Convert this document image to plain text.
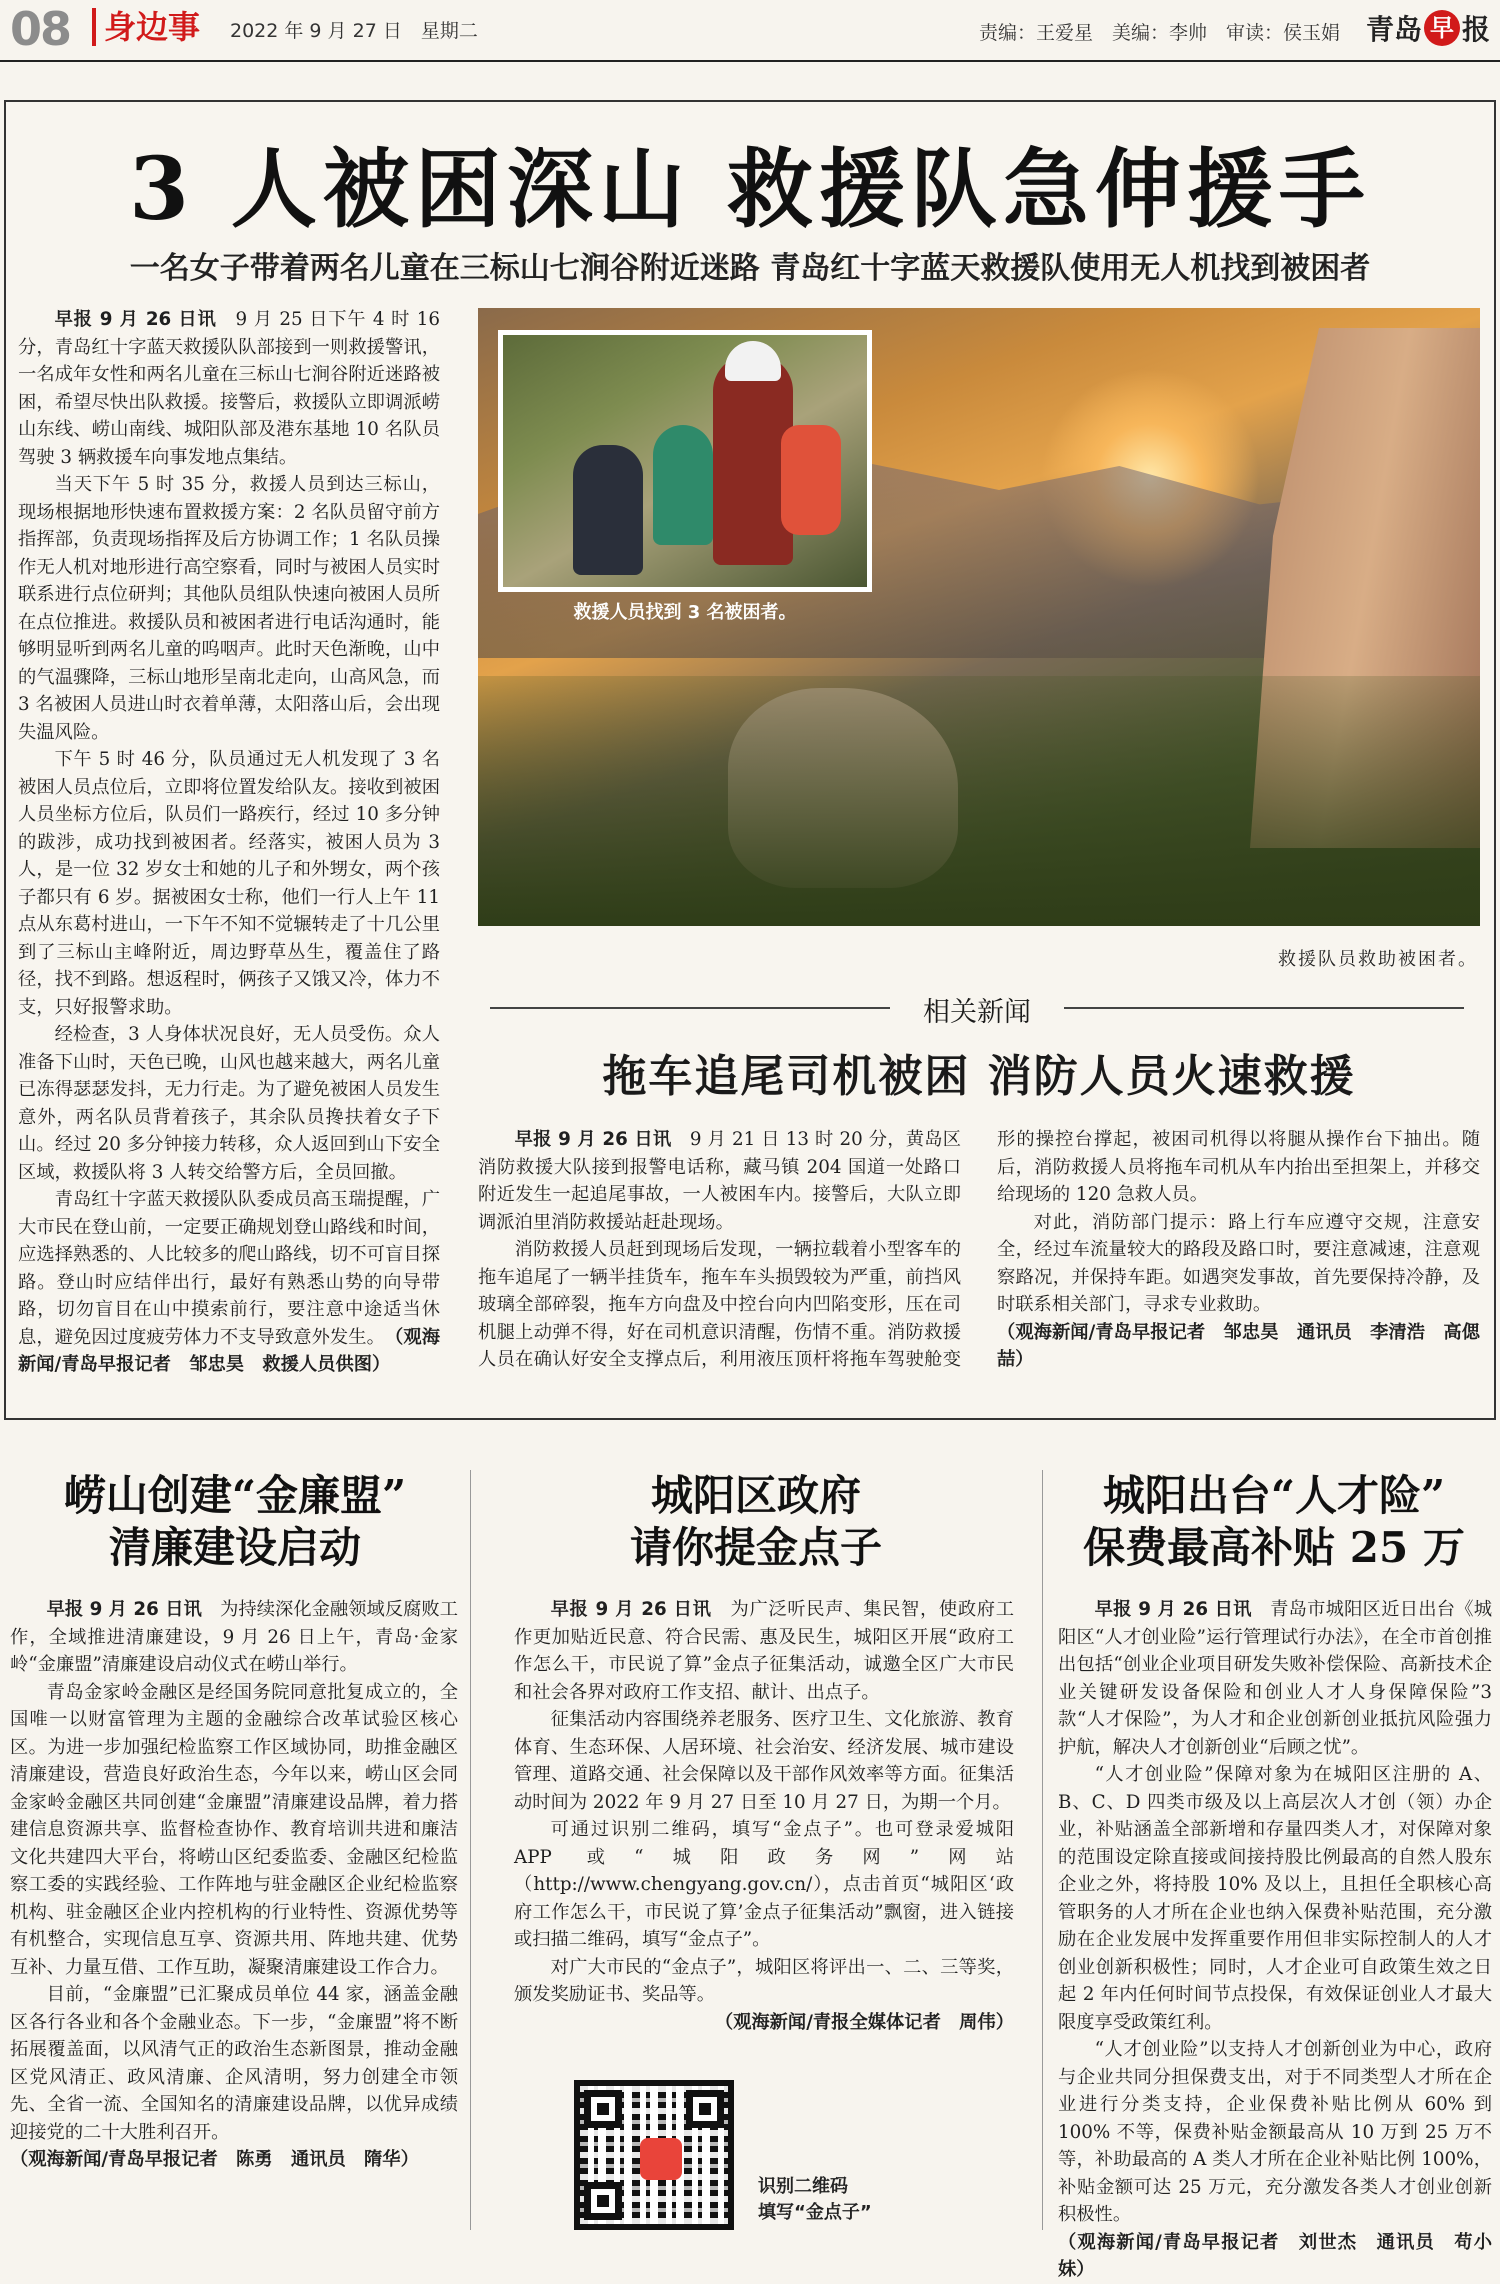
08	身边事 2022 年 9 月 27 日　星期二	责编：王爱星　美编：李帅　审读：侯玉娟 青岛 早 报
3 人被困深山 救援队急伸援手
一名女子带着两名儿童在三标山七涧谷附近迷路 青岛红十字蓝天救援队使用无人机找到被困者

早报 9 月 26 日讯　 9 月 25 日下午 4 时 16 分，青岛红十字蓝天救援队队部接到一则救援警讯，一名成年女性和两名儿童在三标山七涧谷附近迷路被困，希望尽快出队救援。接警后，救援队立即调派崂山东线、崂山南线、城阳队部及港东基地 10 名队员驾驶 3 辆救援车向事发地点集结。

当天下午 5 时 35 分，救援人员到达三标山，现场根据地形快速布置救援方案：2 名队员留守前方指挥部，负责现场指挥及后方协调工作；1 名队员操作无人机对地形进行高空察看，同时与被困人员实时联系进行点位研判；其他队员组队快速向被困人员所在点位推进。救援队员和被困者进行电话沟通时，能够明显听到两名儿童的呜咽声。此时天色渐晚，山中的气温骤降，三标山地形呈南北走向，山高风急，而 3 名被困人员进山时衣着单薄，太阳落山后，会出现失温风险。

下午 5 时 46 分，队员通过无人机发现了 3 名被困人员点位后，立即将位置发给队友。接收到被困人员坐标方位后，队员们一路疾行，经过 10 多分钟的跋涉，成功找到被困者。经落实，被困人员为 3 人，是一位 32 岁女士和她的儿子和外甥女，两个孩子都只有 6 岁。据被困女士称，他们一行人上午 11 点从东葛村进山，一下午不知不觉辗转走了十几公里到了三标山主峰附近，周边野草丛生，覆盖住了路径，找不到路。想返程时，俩孩子又饿又冷，体力不支，只好报警求助。

经检查，3 人身体状况良好，无人员受伤。众人准备下山时，天色已晚，山风也越来越大，两名儿童已冻得瑟瑟发抖，无力行走。为了避免被困人员发生意外，两名队员背着孩子，其余队员搀扶着女子下山。经过 20 多分钟接力转移，众人返回到山下安全区域，救援队将 3 人转交给警方后，全员回撤。

青岛红十字蓝天救援队队委成员高玉瑞提醒，广大市民在登山前，一定要正确规划登山路线和时间，应选择熟悉的、人比较多的爬山路线，切不可盲目探路。登山时应结伴出行，最好有熟悉山势的向导带路，切勿盲目在山中摸索前行，要注意中途适当休息，避免因过度疲劳体力不支导致意外发生。　 （观海新闻/青岛早报记者　邹忠昊　救援人员供图）

救援人员找到 3 名被困者。
救援队员救助被困者。
相关新闻
拖车追尾司机被困 消防人员火速救援

早报 9 月 26 日讯　 9 月 21 日 13 时 20 分，黄岛区消防救援大队接到报警电话称，藏马镇 204 国道一处路口附近发生一起追尾事故，一人被困车内。接警后，大队立即调派泊里消防救援站赶赴现场。

消防救援人员赶到现场后发现，一辆拉载着小型客车的拖车追尾了一辆半挂货车，拖车车头损毁较为严重，前挡风玻璃全部碎裂，拖车方向盘及中控台向内凹陷变形，压在司机腿上动弹不得，好在司机意识清醒，伤情不重。消防救援人员在确认好安全支撑点后，利用液压顶杆将拖车驾驶舱变形的操控台撑起，被困司机得以将腿从操作台下抽出。随后，消防救援人员将拖车司机从车内抬出至担架上，并移交给现场的 120 急救人员。

对此，消防部门提示：路上行车应遵守交规，注意安全，经过车流量较大的路段及路口时，要注意减速，注意观察路况，并保持车距。如遇突发事故，首先要保持冷静，及时联系相关部门，寻求专业救助。

（观海新闻/青岛早报记者　邹忠昊　通讯员　李清浩　高偲喆）

崂山创建“金廉盟”
清廉建设启动

早报 9 月 26 日讯　 为持续深化金融领域反腐败工作，全域推进清廉建设，9 月 26 日上午，青岛·金家岭“金廉盟”清廉建设启动仪式在崂山举行。

青岛金家岭金融区是经国务院同意批复成立的，全国唯一以财富管理为主题的金融综合改革试验区核心区。为进一步加强纪检监察工作区域协同，助推金融区清廉建设，营造良好政治生态，今年以来，崂山区会同金家岭金融区共同创建“金廉盟”清廉建设品牌，着力搭建信息资源共享、监督检查协作、教育培训共进和廉洁文化共建四大平台，将崂山区纪委监委、金融区纪检监察工委的实践经验、工作阵地与驻金融区企业纪检监察机构、驻金融区企业内控机构的行业特性、资源优势等有机整合，实现信息互享、资源共用、阵地共建、优势互补、力量互借、工作互助，凝聚清廉建设工作合力。

目前，“金廉盟”已汇聚成员单位 44 家，涵盖金融区各行各业和各个金融业态。下一步，“金廉盟”将不断拓展覆盖面，以风清气正的政治生态新图景，推动金融区党风清正、政风清廉、企风清明，努力创建全市领先、全省一流、全国知名的清廉建设品牌，以优异成绩迎接党的二十大胜利召开。

（观海新闻/青岛早报记者　陈勇　通讯员　隋华）

城阳区政府
请你提金点子

早报 9 月 26 日讯　 为广泛听民声、集民智，使政府工作更加贴近民意、符合民需、惠及民生，城阳区开展“政府工作怎么干，市民说了算”金点子征集活动，诚邀全区广大市民和社会各界对政府工作支招、献计、出点子。

征集活动内容围绕养老服务、医疗卫生、文化旅游、教育体育、生态环保、人居环境、社会治安、经济发展、城市建设管理、道路交通、社会保障以及干部作风效率等方面。征集活动时间为 2022 年 9 月 27 日至 10 月 27 日，为期一个月。

可通过识别二维码，填写“金点子”。也可登录爱城阳 APP 或“城阳政务网”网站（http://www.chengyang.gov.cn/），点击首页“城阳区‘政府工作怎么干，市民说了算’金点子征集活动”飘窗，进入链接或扫描二维码，填写“金点子”。

对广大市民的“金点子”，城阳区将评出一、二、三等奖，颁发奖励证书、奖品等。

（观海新闻/青报全媒体记者　周伟）

识别二维码
填写“金点子”
城阳出台“人才险”
保费最高补贴 25 万

早报 9 月 26 日讯　 青岛市城阳区近日出台《城阳区“人才创业险”运行管理试行办法》，在全市首创推出包括“创业企业项目研发失败补偿保险、高新技术企业关键研发设备保险和创业人才人身保障保险”3 款“人才保险”，为人才和企业创新创业抵抗风险强力护航，解决人才创新创业“后顾之忧”。

“人才创业险”保障对象为在城阳区注册的 A、B、C、D 四类市级及以上高层次人才创（领）办企业，补贴涵盖全部新增和存量四类人才，对保障对象的范围设定除直接或间接持股比例最高的自然人股东企业之外，将持股 10% 及以上，且担任全职核心高管职务的人才所在企业也纳入保费补贴范围，充分激励在企业发展中发挥重要作用但非实际控制人的人才创业创新积极性；同时，人才企业可自政策生效之日起 2 年内任何时间节点投保，有效保证创业人才最大限度享受政策红利。

“人才创业险”以支持人才创新创业为中心，政府与企业共同分担保费支出，对于不同类型人才所在企业进行分类支持，企业保费补贴比例从 60% 到 100% 不等，保费补贴金额最高从 10 万到 25 万不等，补助最高的 A 类人才所在企业补贴比例 100%，补贴金额可达 25 万元，充分激发各类人才创业创新积极性。

（观海新闻/青岛早报记者　刘世杰　通讯员　苟小妹）
